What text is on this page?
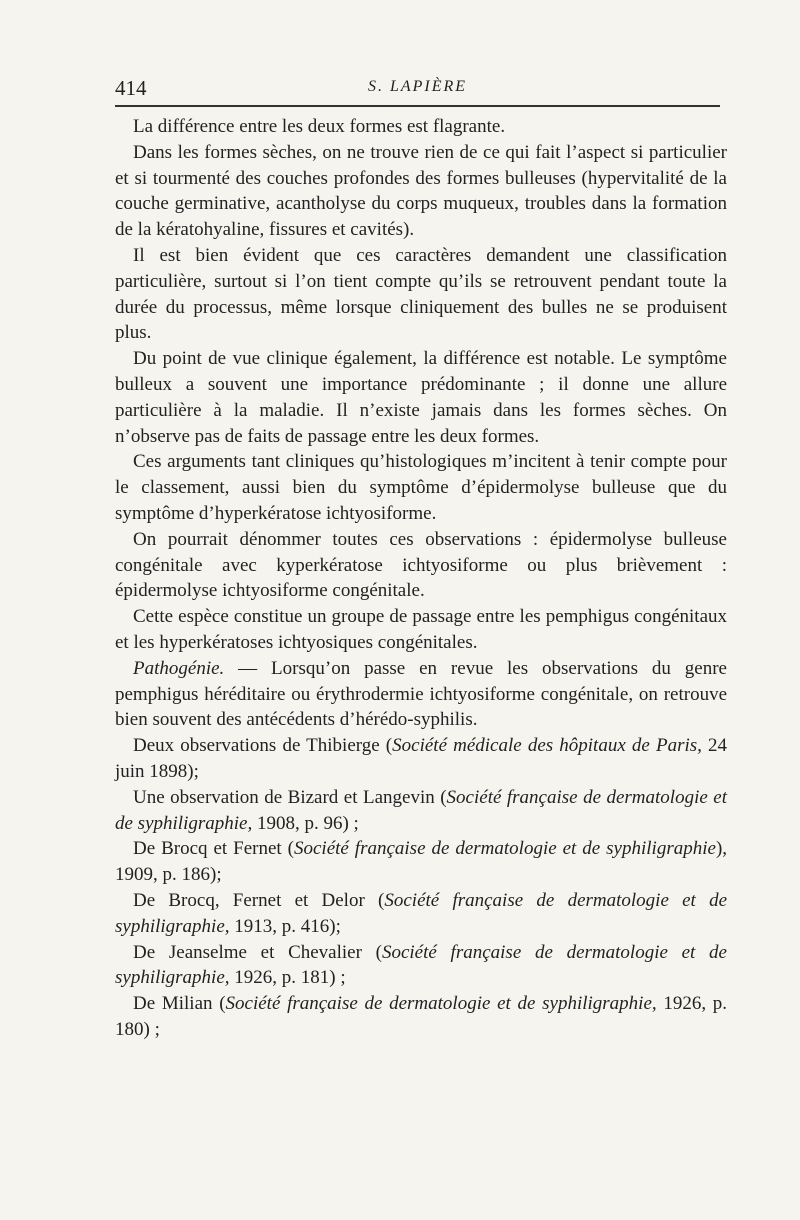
414	S. LAPIÈRE

La différence entre les deux formes est flagrante.

Dans les formes sèches, on ne trouve rien de ce qui fait l’aspect si particulier et si tourmenté des couches profondes des formes bulleuses (hypervitalité de la couche germinative, acantholyse du corps muqueux, troubles dans la formation de la kératohyaline, fissures et cavités).

Il est bien évident que ces caractères demandent une classification particulière, surtout si l’on tient compte qu’ils se retrouvent pendant toute la durée du processus, même lorsque cliniquement des bulles ne se produisent plus.

Du point de vue clinique également, la différence est notable. Le symptôme bulleux a souvent une importance prédominante ; il donne une allure particulière à la maladie. Il n’existe jamais dans les formes sèches. On n’observe pas de faits de passage entre les deux formes.

Ces arguments tant cliniques qu’histologiques m’incitent à tenir compte pour le classement, aussi bien du symptôme d’épidermolyse bulleuse que du symptôme d’hyperkératose ichtyosiforme.

On pourrait dénommer toutes ces observations : épidermolyse bulleuse congénitale avec kyperkératose ichtyosiforme ou plus brièvement : épidermolyse ichtyosiforme congénitale.

Cette espèce constitue un groupe de passage entre les pemphigus congénitaux et les hyperkératoses ichtyosiques congénitales.

Pathogénie. — Lorsqu’on passe en revue les observations du genre pemphigus héréditaire ou érythrodermie ichtyosiforme congénitale, on retrouve bien souvent des antécédents d’hérédo-syphilis.

Deux observations de Thibierge (Société médicale des hôpitaux de Paris, 24 juin 1898);

Une observation de Bizard et Langevin (Société française de dermatologie et de syphiligraphie, 1908, p. 96) ;

De Brocq et Fernet (Société française de dermatologie et de syphiligraphie), 1909, p. 186);

De Brocq, Fernet et Delor (Société française de dermatologie et de syphiligraphie, 1913, p. 416);

De Jeanselme et Chevalier (Société française de dermatologie et de syphiligraphie, 1926, p. 181) ;

De Milian (Société française de dermatologie et de syphiligraphie, 1926, p. 180) ;
